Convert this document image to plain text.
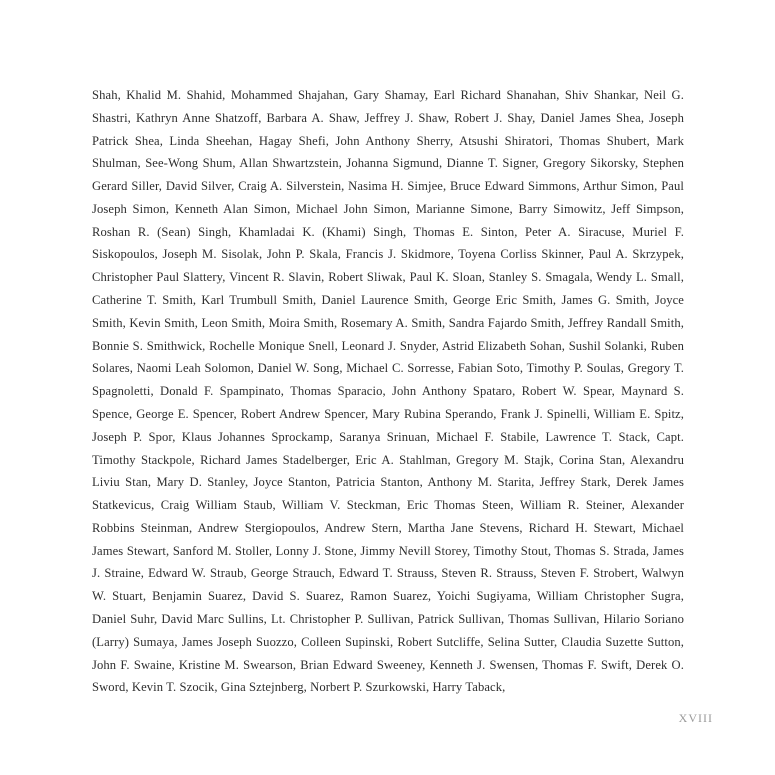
Shah, Khalid M. Shahid, Mohammed Shajahan, Gary Shamay, Earl Richard Shanahan, Shiv Shankar, Neil G. Shastri, Kathryn Anne Shatzoff, Barbara A. Shaw, Jeffrey J. Shaw, Robert J. Shay, Daniel James Shea, Joseph Patrick Shea, Linda Sheehan, Hagay Shefi, John Anthony Sherry, Atsushi Shiratori, Thomas Shubert, Mark Shulman, See-Wong Shum, Allan Shwartzstein, Johanna Sigmund, Dianne T. Signer, Gregory Sikorsky, Stephen Gerard Siller, David Silver, Craig A. Silverstein, Nasima H. Simjee, Bruce Edward Simmons, Arthur Simon, Paul Joseph Simon, Kenneth Alan Simon, Michael John Simon, Marianne Simone, Barry Simowitz, Jeff Simpson, Roshan R. (Sean) Singh, Khamladai K. (Khami) Singh, Thomas E. Sinton, Peter A. Siracuse, Muriel F. Siskopoulos, Joseph M. Sisolak, John P. Skala, Francis J. Skidmore, Toyena Corliss Skinner, Paul A. Skrzypek, Christopher Paul Slattery, Vincent R. Slavin, Robert Sliwak, Paul K. Sloan, Stanley S. Smagala, Wendy L. Small, Catherine T. Smith, Karl Trumbull Smith, Daniel Laurence Smith, George Eric Smith, James G. Smith, Joyce Smith, Kevin Smith, Leon Smith, Moira Smith, Rosemary A. Smith, Sandra Fajardo Smith, Jeffrey Randall Smith, Bonnie S. Smithwick, Rochelle Monique Snell, Leonard J. Snyder, Astrid Elizabeth Sohan, Sushil Solanki, Ruben Solares, Naomi Leah Solomon, Daniel W. Song, Michael C. Sorresse, Fabian Soto, Timothy P. Soulas, Gregory T. Spagnoletti, Donald F. Spampinato, Thomas Sparacio, John Anthony Spataro, Robert W. Spear, Maynard S. Spence, George E. Spencer, Robert Andrew Spencer, Mary Rubina Sperando, Frank J. Spinelli, William E. Spitz, Joseph P. Spor, Klaus Johannes Sprockamp, Saranya Srinuan, Michael F. Stabile, Lawrence T. Stack, Capt. Timothy Stackpole, Richard James Stadelberger, Eric A. Stahlman, Gregory M. Stajk, Corina Stan, Alexandru Liviu Stan, Mary D. Stanley, Joyce Stanton, Patricia Stanton, Anthony M. Starita, Jeffrey Stark, Derek James Statkevicus, Craig William Staub, William V. Steckman, Eric Thomas Steen, William R. Steiner, Alexander Robbins Steinman, Andrew Stergiopoulos, Andrew Stern, Martha Jane Stevens, Richard H. Stewart, Michael James Stewart, Sanford M. Stoller, Lonny J. Stone, Jimmy Nevill Storey, Timothy Stout, Thomas S. Strada, James J. Straine, Edward W. Straub, George Strauch, Edward T. Strauss, Steven R. Strauss, Steven F. Strobert, Walwyn W. Stuart, Benjamin Suarez, David S. Suarez, Ramon Suarez, Yoichi Sugiyama, William Christopher Sugra, Daniel Suhr, David Marc Sullins, Lt. Christopher P. Sullivan, Patrick Sullivan, Thomas Sullivan, Hilario Soriano (Larry) Sumaya, James Joseph Suozzo, Colleen Supinski, Robert Sutcliffe, Selina Sutter, Claudia Suzette Sutton, John F. Swaine, Kristine M. Swearson, Brian Edward Sweeney, Kenneth J. Swensen, Thomas F. Swift, Derek O. Sword, Kevin T. Szocik, Gina Sztejnberg, Norbert P. Szurkowski, Harry Taback,

XVIII
